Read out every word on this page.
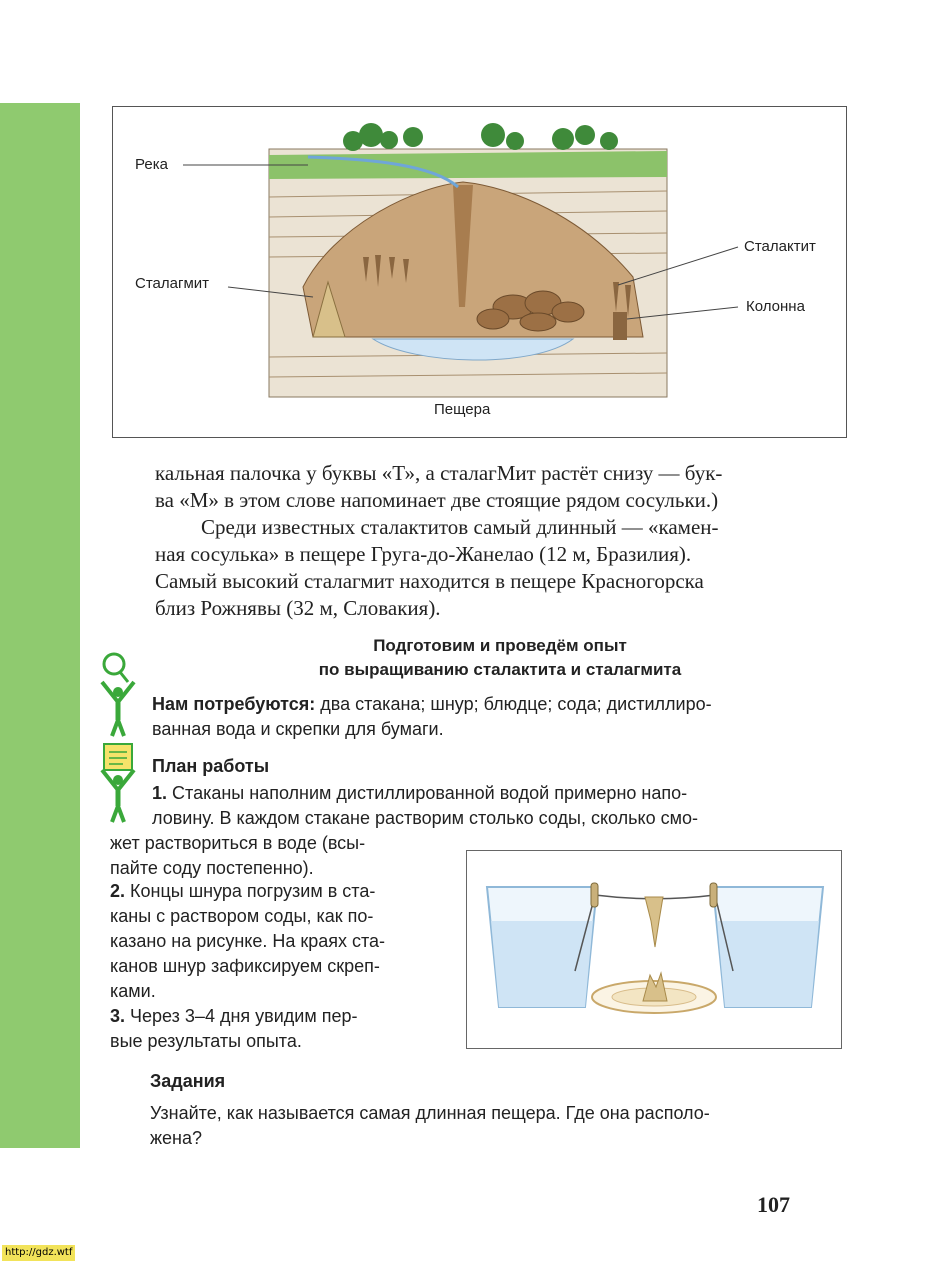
Река
Сталактит
Сталагмит
Колонна
Пещера

кальная палочка у буквы «Т», а сталагМит растёт снизу — бук-

ва «М» в этом слове напоминает две стоящие рядом сосульки.)

Среди известных сталактитов самый длинный — «камен-

ная сосулька» в пещере Груга-до-Жанелао (12 м, Бразилия).

Самый высокий сталагмит находится в пещере Красногорска

близ Рожнявы (32 м, Словакия).

Подготовим и проведём опыт
по выращиванию сталактита и сталагмита
Нам потребуются: два стакана; шнур; блюдце; сода; дистиллиро-
ванная вода и скрепки для бумаги.
План работы
1. Стаканы наполним дистиллированной водой примерно напо-
ловину. В каждом стакане растворим столько соды, сколько смо-
жет раствориться в воде (всы-
пайте соду постепенно).
2. Концы шнура погрузим в ста-
каны с раствором соды, как по-
казано на рисунке. На краях ста-
канов шнур зафиксируем скреп-
ками.
3. Через 3–4 дня увидим пер-
вые результаты опыта.
Задания
Узнайте, как называется самая длинная пещера. Где она располо-
жена?
107
http://gdz.wtf
